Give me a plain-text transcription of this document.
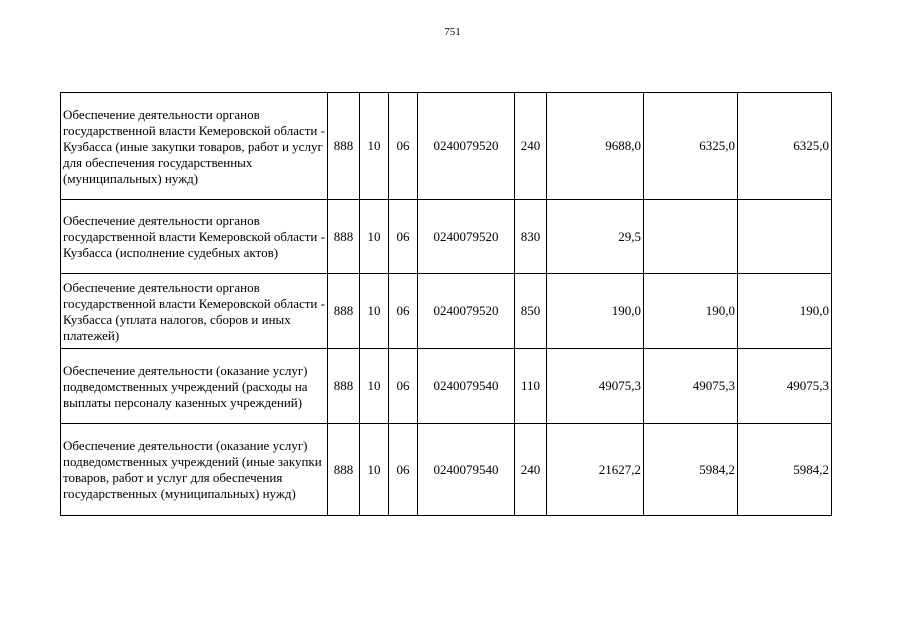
751
Обеспечение деятельности органов государственной власти Кемеровской области - Кузбасса (иные закупки товаров, работ и услуг для обеспечения государственных (муниципальных) нужд)	888	10	06	0240079520	240	9688,0	6325,0	6325,0
Обеспечение деятельности органов государственной власти Кемеровской области - Кузбасса (исполнение судебных актов)	888	10	06	0240079520	830	29,5		
Обеспечение деятельности органов государственной власти Кемеровской области - Кузбасса (уплата налогов, сборов и иных платежей)	888	10	06	0240079520	850	190,0	190,0	190,0
Обеспечение деятельности (оказание услуг) подведомственных учреждений (расходы на выплаты персоналу казенных учреждений)	888	10	06	0240079540	110	49075,3	49075,3	49075,3
Обеспечение деятельности (оказание услуг) подведомственных учреждений (иные закупки товаров, работ и услуг для обеспечения государственных (муниципальных) нужд)	888	10	06	0240079540	240	21627,2	5984,2	5984,2
